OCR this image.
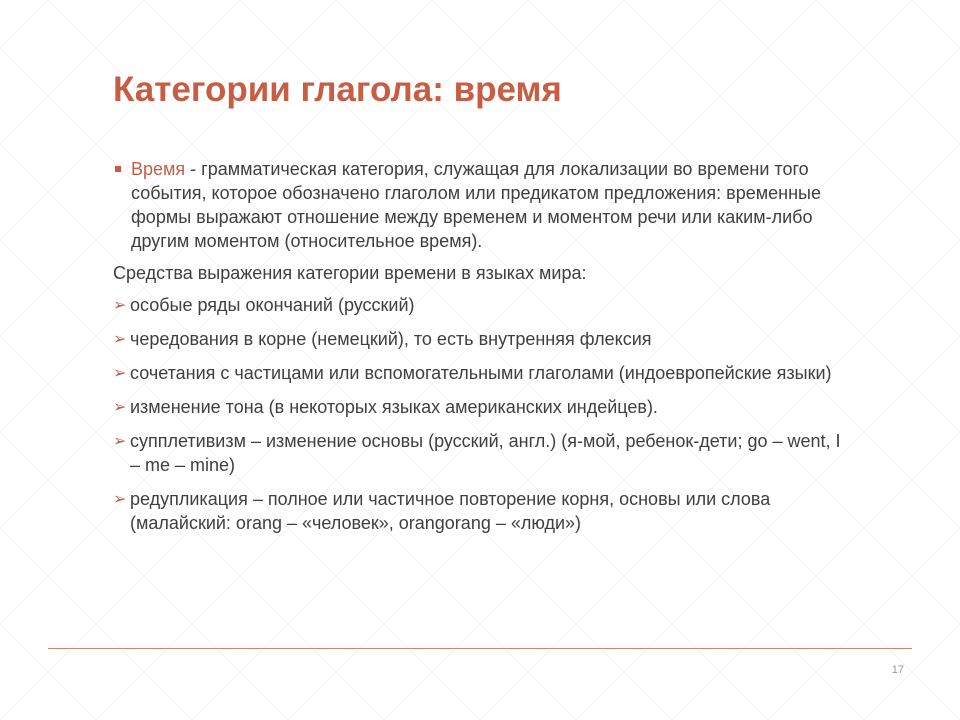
Категории глагола: время

Время - грамматическая категория, служащая для локализации во времени того события, которое обозначено глаголом или предикатом предложения: временные формы выражают отношение между временем и моментом речи или каким-либо другим моментом (относительное время).

Средства выражения категории времени в языках мира:

➢ особые ряды окончаний (русский)
➢ чередования в корне (немецкий), то есть внутренняя флексия
➢ сочетания с частицами или вспомогательными глаголами (индоевропейские языки)
➢ изменение тона (в некоторых языках американских индейцев).
➢ супплетивизм – изменение основы (русский, англ.) (я-мой, ребенок-дети; go – went, I – me – mine)
➢ редупликация – полное или частичное повторение корня, основы или слова (малайский: orang – «человек», orangorang – «люди»)
17
